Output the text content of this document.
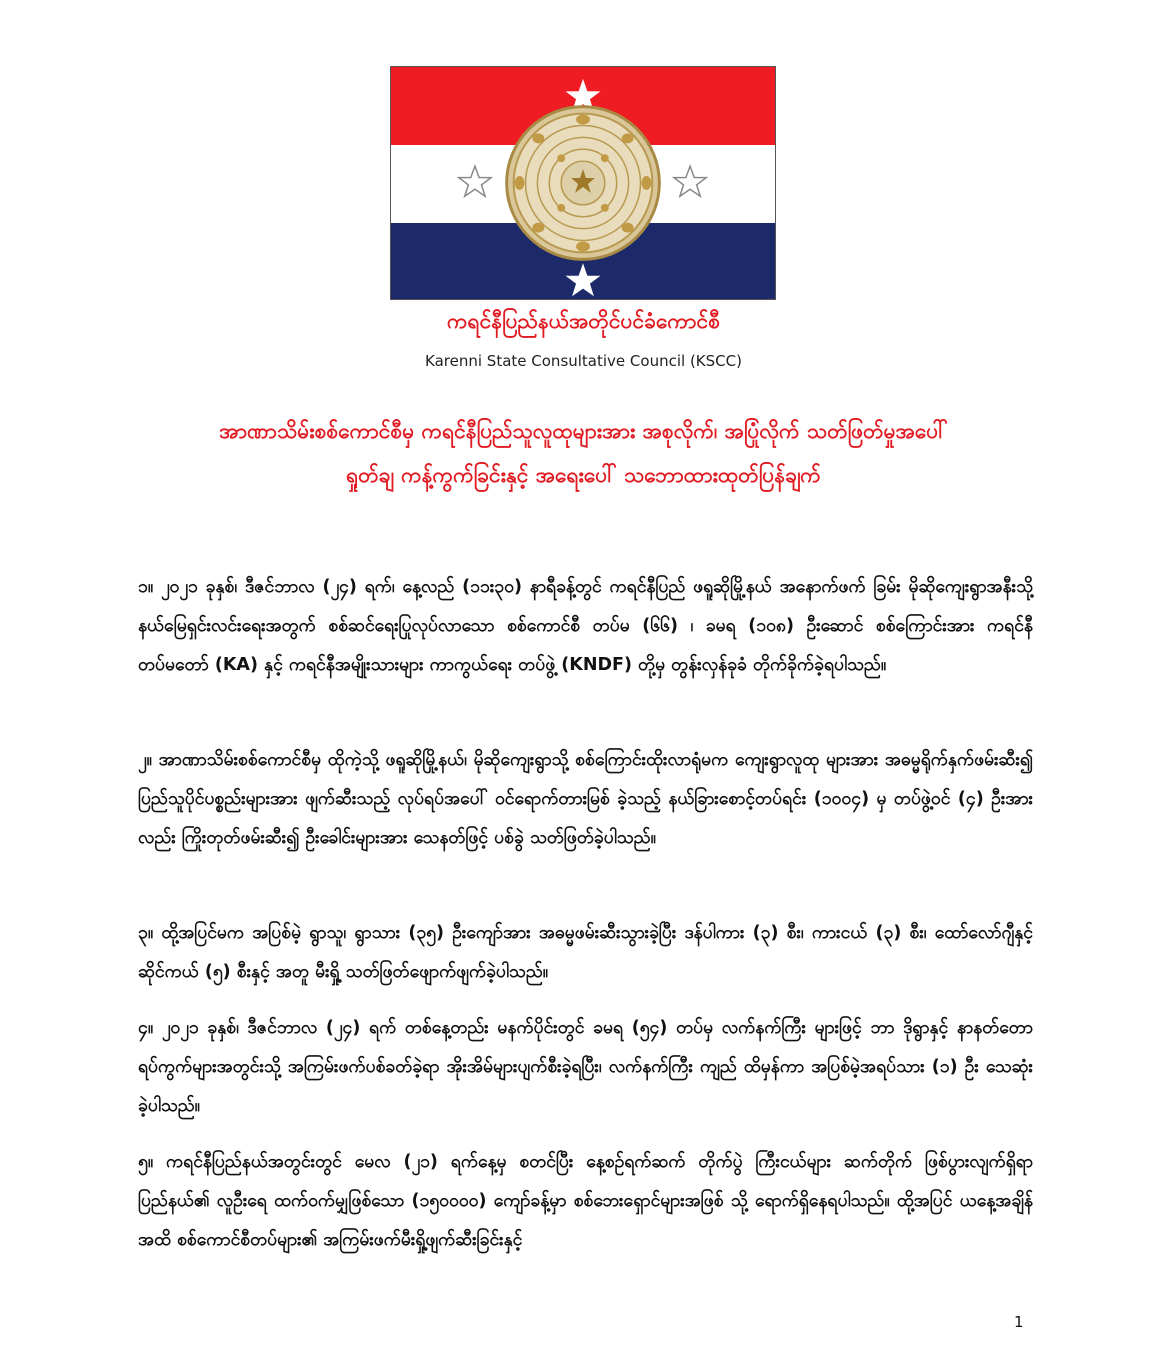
ကရင်နီပြည်နယ်အတိုင်ပင်ခံကောင်စီ
Karenni State Consultative Council (KSCC)
အာဏာသိမ်းစစ်ကောင်စီမှ ကရင်နီပြည်သူလူထုများအား အစုလိုက်၊ အပြုံလိုက် သတ်ဖြတ်မှုအပေါ်
ရှုတ်ချ ကန့်ကွက်ခြင်းနှင့် အရေးပေါ် သဘောထားထုတ်ပြန်ချက်
၁။ ၂၀၂၁ ခုနှစ်၊ ဒီဇင်ဘာလ (၂၄) ရက်၊ နေ့လည် (၁၁း၃၀) နာရီခန့်တွင် ကရင်နီပြည် ဖရူဆိုမြို့နယ် အနောက်ဖက် ခြမ်း မိုဆိုကျေးရွာအနီးသို့ နယ်မြေရှင်းလင်းရေးအတွက် စစ်ဆင်ရေးပြုလုပ်လာသော စစ်ကောင်စီ တပ်မ (၆၆) ၊ ခမရ (၁၀၈) ဦးဆောင် စစ်ကြောင်းအား ကရင်နီတပ်မတော် (KA) နှင့် ကရင်နီအမျိုးသားများ ကာကွယ်ရေး တပ်ဖွဲ့ (KNDF) တို့မှ တွန်းလှန်ခုခံ တိုက်ခိုက်ခဲ့ရပါသည်။
၂။ အာဏာသိမ်းစစ်ကောင်စီမှ ထိုကဲ့သို့ ဖရူဆိုမြို့နယ်၊ မိုဆိုကျေးရွာသို့ စစ်ကြောင်းထိုးလာရုံမက ကျေးရွာလူထု များအား အဓမ္မရိုက်နှက်ဖမ်းဆီး၍ ပြည်သူပိုင်ပစ္စည်းများအား ဖျက်ဆီးသည့် လုပ်ရပ်အပေါ် ဝင်ရောက်တားမြစ် ခဲ့သည့် နယ်ခြားစောင့်တပ်ရင်း (၁၀၀၄) မှ တပ်ဖွဲ့ဝင် (၄) ဦးအားလည်း ကြိုးတုတ်ဖမ်းဆီး၍ ဦးခေါင်းများအား သေနတ်ဖြင့် ပစ်ခွဲ သတ်ဖြတ်ခဲ့ပါသည်။
၃။ ထို့အပြင်မက အပြစ်မဲ့ ရွာသူ၊ ရွာသား (၃၅) ဦးကျော်အား အဓမ္မဖမ်းဆီးသွားခဲ့ပြီး ဒန်ပါကား (၃) စီး၊ ကားငယ် (၃) စီး၊ ထော်လော်ဂျီနှင့် ဆိုင်ကယ် (၅) စီးနှင့် အတူ မီးရှို့ သတ်ဖြတ်ဖျောက်ဖျက်ခဲ့ပါသည်။
၄။ ၂၀၂၁ ခုနှစ်၊ ဒီဇင်ဘာလ (၂၄) ရက် တစ်နေ့တည်း မနက်ပိုင်းတွင် ခမရ (၅၄) တပ်မှ လက်နက်ကြီး များဖြင့် ဘာ ဒိုရွာနှင့် နာနတ်တောရပ်ကွက်များအတွင်းသို့ အကြမ်းဖက်ပစ်ခတ်ခဲ့ရာ အိုးအိမ်များပျက်စီးခဲ့ရပြီး၊ လက်နက်ကြီး ကျည် ထိမှန်ကာ အပြစ်မဲ့အရပ်သား (၁) ဦး သေဆုံးခဲ့ပါသည်။
၅။ ကရင်နီပြည်နယ်အတွင်းတွင် မေလ (၂၁) ရက်နေ့မှ စတင်ပြီး နေ့စဉ်ရက်ဆက် တိုက်ပွဲ ကြီးငယ်များ ဆက်တိုက် ဖြစ်ပွားလျက်ရှိရာ ပြည်နယ်၏ လူဦးရေ ထက်ဝက်မျှဖြစ်သော (၁၅၀၀၀၀) ကျော်ခန့်မှာ စစ်ဘေးရှောင်များအဖြစ် သို့ ရောက်ရှိနေရပါသည်။ ထို့အပြင် ယနေ့အချိန်အထိ စစ်ကောင်စီတပ်များ၏ အကြမ်းဖက်မီးရှို့ဖျက်ဆီးခြင်းနှင့်
1
